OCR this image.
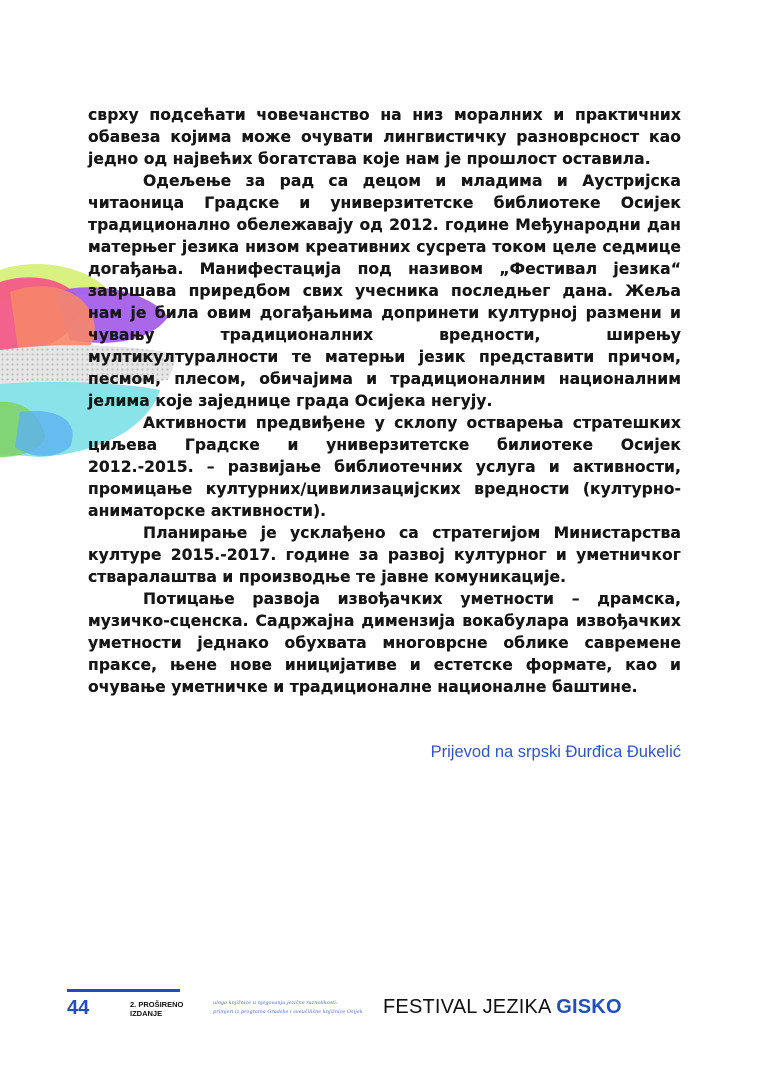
сврху подсећати човечанство на низ моралних и практичних обавеза којима може очувати лингвистичку разноврсност као једно од највећих богатстава које нам је прошлост оставила.

Одељење за рад са децом и младима и Аустријска читаоница Градске и универзитетске библиотеке Осијек традиционално обележавају од 2012. године Међународни дан матерњег језика низом креативних сусрета током целе седмице догађања. Манифестација под називом „Фестивал језика“ завршава приредбом свих учесника последњег дана. Жеља нам је била овим догађањима допринети културној размени и чувању традиционалних вредности, ширењу мултикултуралности те матерњи језик представити причом, песмом, плесом, обичајима и традиционалним националним јелима које заједнице града Осијека негују.

Активности предвиђене у склопу остварења стратешких циљева Градске и универзитетске билиотеке Осијек 2012.-2015. – развијање библиотечних услуга и активности, промицање културних/цивилизацијских вредности (културно-аниматорске активности).

Планирање је усклађено са стратегијом Министарства културе 2015.-2017. године за развој културног и уметничког стваралаштва и производње те јавне комуникације.

Потицање развоја извођачких уметности – драмска, музичко-сценска. Садржајна димензија вокабулара извођачких уметности једнако обухвата многоврсне облике савремене праксе, њене нове иницијативе и естетске формате, као и очување уметничке и традиционалне националне баштине.

Prijevod na srpski Đurđica Đukelić
44	2. PROŠIRENO
IZDANJE
uloga knjižnice u njegovanju jezične raznolikosti:
primjeri iz programa Gradske i sveučilišne knjižnice Osijek FESTIVAL JEZIKA GISKO
